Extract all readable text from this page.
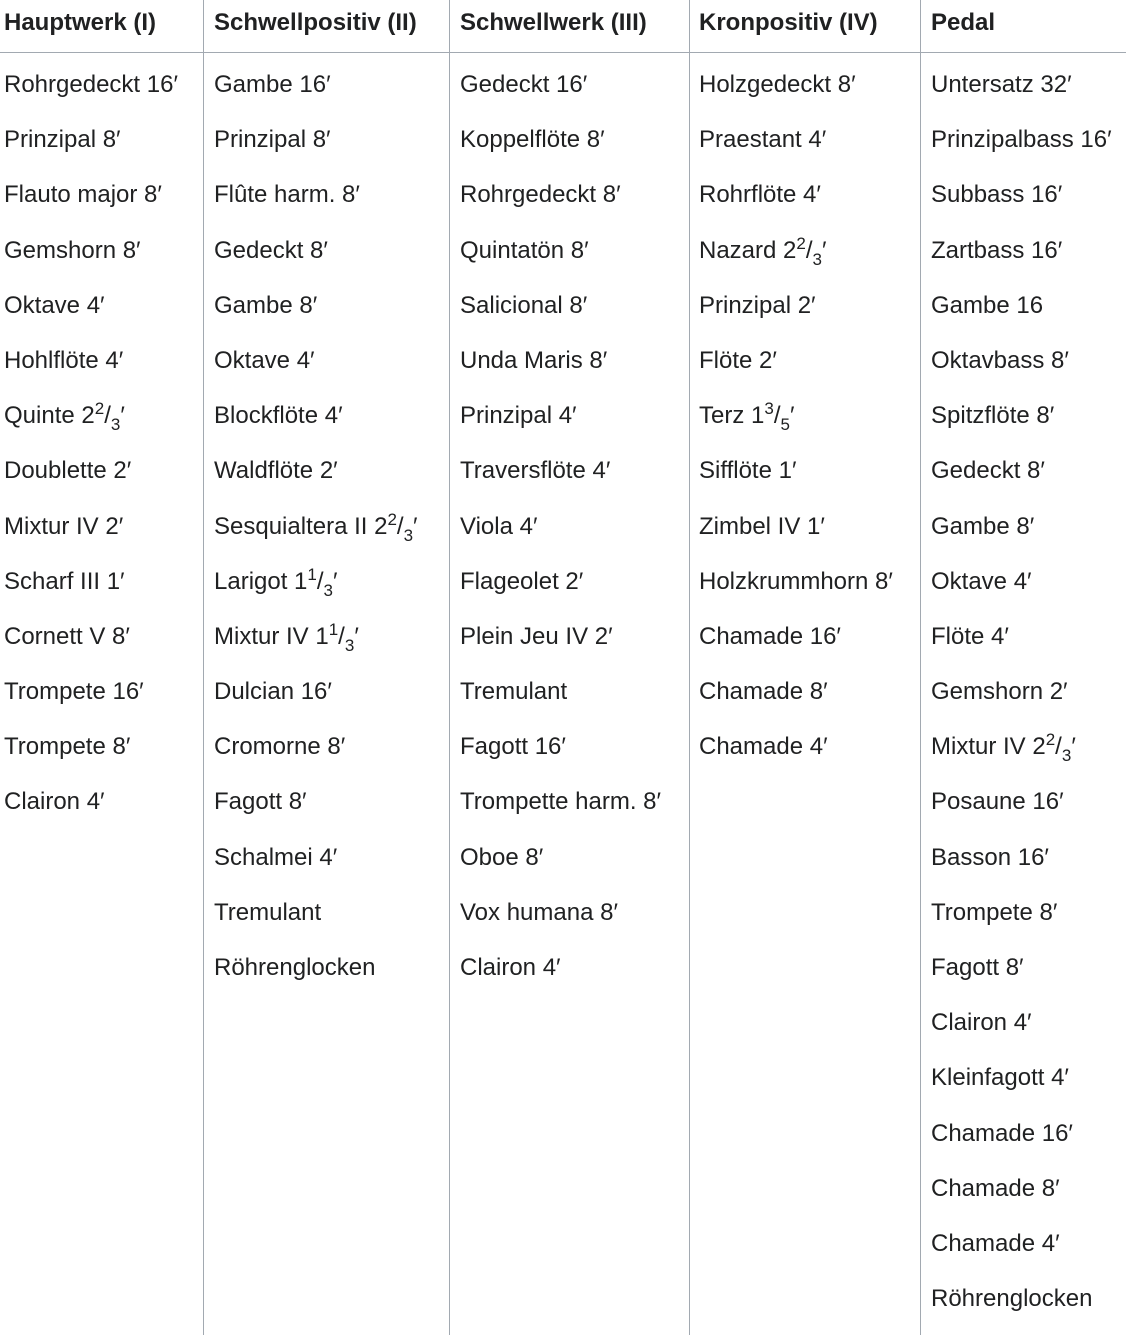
Hauptwerk (I)
Rohrgedeckt 16′
Prinzipal 8′
Flauto major 8′
Gemshorn 8′
Oktave 4′
Hohlflöte 4′
Quinte $2^2/_3'$
Doublette 2′
Mixtur IV 2′
Scharf III 1′
Cornett V 8′
Trompete 16′
Trompete 8′
Clairon 4′
Schwellpositiv (II)
Gambe 16′
Prinzipal 8′
Flûte harm. 8′
Gedeckt 8′
Gambe 8′
Oktave 4′
Blockflöte 4′
Waldflöte 2′
Sesquialtera II $2^2/_3'$
Larigot $1^1/_3'$
Mixtur IV $1^1/_3'$
Dulcian 16′
Cromorne 8′
Fagott 8′
Schalmei 4′
Tremulant
Röhrenglocken
Schwellwerk (III)
Gedeckt 16′
Koppelflöte 8′
Rohrgedeckt 8′
Quintatön 8′
Salicional 8′
Unda Maris 8′
Prinzipal 4′
Traversflöte 4′
Viola 4′
Flageolet 2′
Plein Jeu IV 2′
Tremulant
Fagott 16′
Trompette harm. 8′
Oboe 8′
Vox humana 8′
Clairon 4′
Kronpositiv (IV)
Holzgedeckt 8′
Praestant 4′
Rohrflöte 4′
Nazard $2^2/_3'$
Prinzipal 2′
Flöte 2′
Terz $1^3/_5'$
Sifflöte 1′
Zimbel IV 1′
Holzkrummhorn 8′
Chamade 16′
Chamade 8′
Chamade 4′
Pedal
Untersatz 32′
Prinzipalbass 16′
Subbass 16′
Zartbass 16′
Gambe 16
Oktavbass 8′
Spitzflöte 8′
Gedeckt 8′
Gambe 8′
Oktave 4′
Flöte 4′
Gemshorn 2′
Mixtur IV $2^2/_3'$
Posaune 16′
Basson 16′
Trompete 8′
Fagott 8′
Clairon 4′
Kleinfagott 4′
Chamade 16′
Chamade 8′
Chamade 4′
Röhrenglocken
